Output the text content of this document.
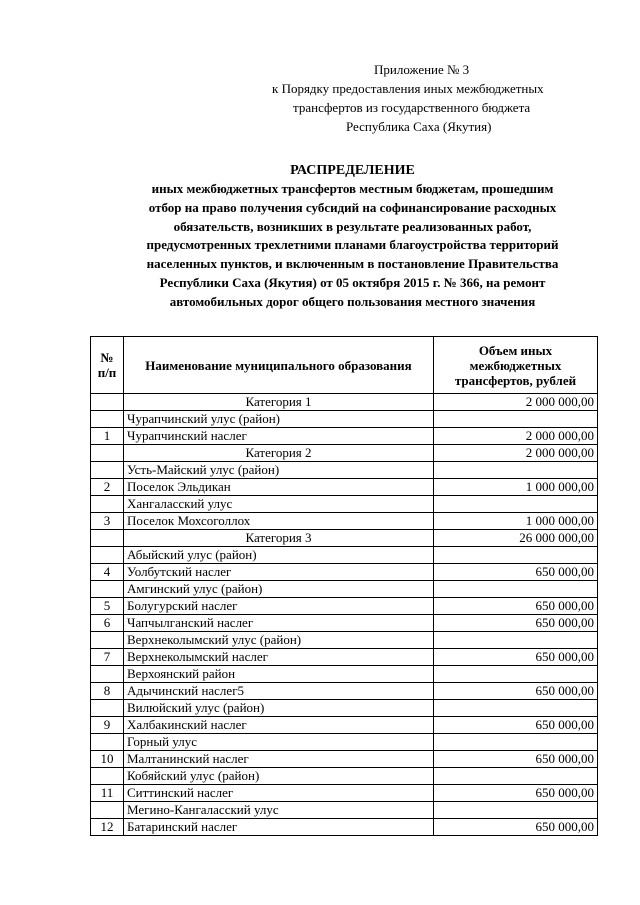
Приложение № 3
к Порядку предоставления иных межбюджетных
трансфертов из государственного бюджета
Республика Саха (Якутия)
РАСПРЕДЕЛЕНИЕ
иных межбюджетных трансфертов местным бюджетам, прошедшим
отбор на право получения субсидий на софинансирование расходных
обязательств, возникших в результате реализованных работ,
предусмотренных трехлетними планами благоустройства территорий
населенных пунктов, и включенным в постановление Правительства
Республики Саха (Якутия) от 05 октября 2015 г. № 366, на ремонт
автомобильных дорог общего пользования местного значения
№ п/п	Наименование муниципального образования	Объем иных межбюджетных трансфертов, рублей
	Категория 1	2 000 000,00
	Чурапчинский улус (район)	
1	Чурапчинский наслег	2 000 000,00
	Категория 2	2 000 000,00
	Усть-Майский улус (район)	
2	Поселок Эльдикан	1 000 000,00
	Хангаласский улус	
3	Поселок Мохсоголлох	1 000 000,00
	Категория 3	26 000 000,00
	Абыйский улус (район)	
4	Уолбутский наслег	650 000,00
	Амгинский улус (район)	
5	Болугурский наслег	650 000,00
6	Чапчылганский наслег	650 000,00
	Верхнеколымский улус (район)	
7	Верхнеколымский наслег	650 000,00
	Верхоянский район	
8	Адычинский наслег5	650 000,00
	Вилюйский улус (район)	
9	Халбакинский наслег	650 000,00
	Горный улус	
10	Малтанинский наслег	650 000,00
	Кобяйский улус (район)	
11	Ситтинский наслег	650 000,00
	Мегино-Кангаласский улус	
12	Батаринский наслег	650 000,00
